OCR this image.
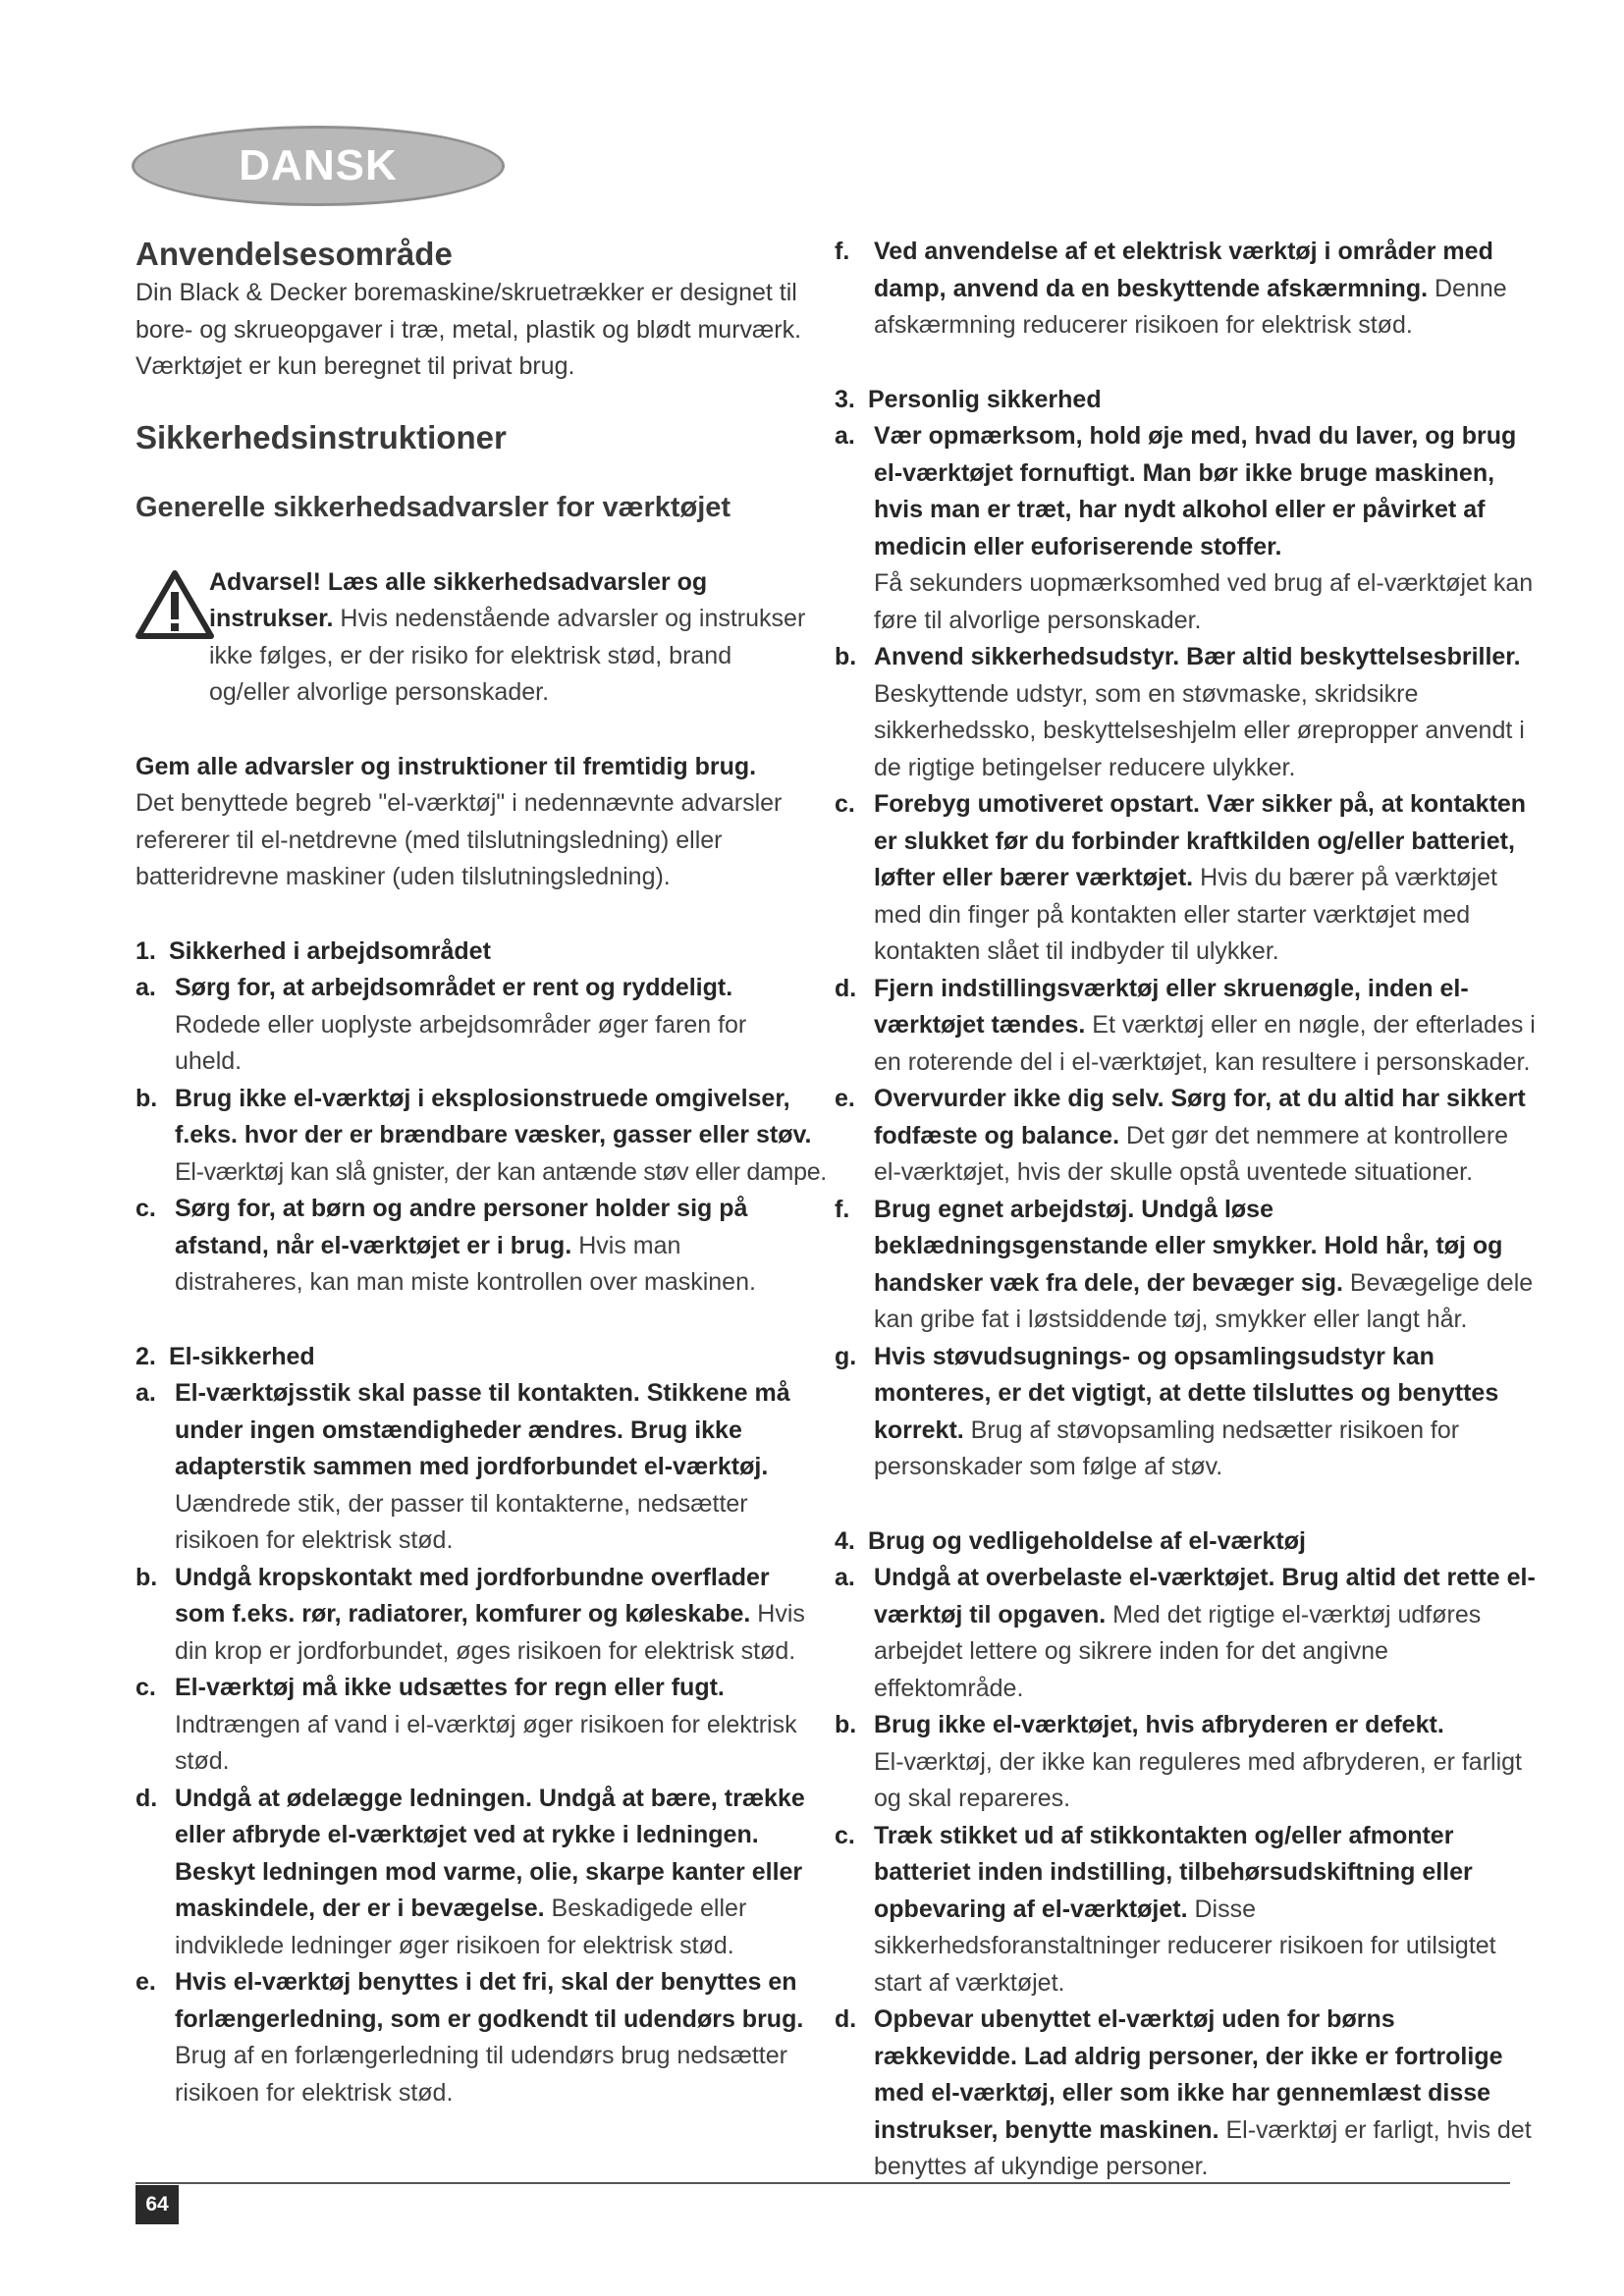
DANSK
Anvendelsesområde
Din Black & Decker boremaskine/skruetrækker er designet til bore- og skrueopgaver i træ, metal, plastik og blødt murværk. Værktøjet er kun beregnet til privat brug.
Sikkerhedsinstruktioner
Generelle sikkerhedsadvarsler for værktøjet
Advarsel! Læs alle sikkerhedsadvarsler og instrukser. Hvis nedenstående advarsler og instrukser ikke følges, er der risiko for elektrisk stød, brand og/eller alvorlige personskader.
Gem alle advarsler og instruktioner til fremtidig brug.
Det benyttede begreb "el-værktøj" i nedennævnte advarsler refererer til el-netdrevne (med tilslutningsledning) eller batteridrevne maskiner (uden tilslutningsledning).
1. Sikkerhed i arbejdsområdet
a. Sørg for, at arbejdsområdet er rent og ryddeligt.
Rodede eller uoplyste arbejdsområder øger faren for uheld.
b. Brug ikke el-værktøj i eksplosionstruede omgivelser, f.eks. hvor der er brændbare væsker, gasser eller støv.
El-værktøj kan slå gnister, der kan antænde støv eller dampe.
c. Sørg for, at børn og andre personer holder sig på afstand, når el-værktøjet er i brug. Hvis man distraheres, kan man miste kontrollen over maskinen.
2. El-sikkerhed
a. El-værktøjsstik skal passe til kontakten. Stikkene må under ingen omstændigheder ændres. Brug ikke adapterstik sammen med jordforbundet el-værktøj.
Uændrede stik, der passer til kontakterne, nedsætter risikoen for elektrisk stød.
b. Undgå kropskontakt med jordforbundne overflader som f.eks. rør, radiatorer, komfurer og køleskabe. Hvis din krop er jordforbundet, øges risikoen for elektrisk stød.
c. El-værktøj må ikke udsættes for regn eller fugt.
Indtrængen af vand i el-værktøj øger risikoen for elektrisk stød.
d. Undgå at ødelægge ledningen. Undgå at bære, trække eller afbryde el-værktøjet ved at rykke i ledningen. Beskyt ledningen mod varme, olie, skarpe kanter eller maskindele, der er i bevægelse. Beskadigede eller indviklede ledninger øger risikoen for elektrisk stød.
e. Hvis el-værktøj benyttes i det fri, skal der benyttes en forlængerledning, som er godkendt til udendørs brug.
Brug af en forlængerledning til udendørs brug nedsætter risikoen for elektrisk stød.
f. Ved anvendelse af et elektrisk værktøj i områder med damp, anvend da en beskyttende afskærmning. Denne afskærmning reducerer risikoen for elektrisk stød.
3. Personlig sikkerhed
a. Vær opmærksom, hold øje med, hvad du laver, og brug el-værktøjet fornuftigt. Man bør ikke bruge maskinen, hvis man er træt, har nydt alkohol eller er påvirket af medicin eller euforiserende stoffer.
Få sekunders uopmærksomhed ved brug af el-værktøjet kan føre til alvorlige personskader.
b. Anvend sikkerhedsudstyr. Bær altid beskyttelsesbriller.
Beskyttende udstyr, som en støvmaske, skridsikre sikkerhedssko, beskyttelseshjelm eller ørepropper anvendt i de rigtige betingelser reducere ulykker.
c. Forebyg umotiveret opstart. Vær sikker på, at kontakten er slukket før du forbinder kraftkilden og/eller batteriet, løfter eller bærer værktøjet. Hvis du bærer på værktøjet med din finger på kontakten eller starter værktøjet med kontakten slået til indbyder til ulykker.
d. Fjern indstillingsværktøj eller skruenøgle, inden el-værktøjet tændes. Et værktøj eller en nøgle, der efterlades i en roterende del i el-værktøjet, kan resultere i personskader.
e. Overvurder ikke dig selv. Sørg for, at du altid har sikkert fodfæste og balance. Det gør det nemmere at kontrollere el-værktøjet, hvis der skulle opstå uventede situationer.
f. Brug egnet arbejdstøj. Undgå løse beklædningsgenstande eller smykker. Hold hår, tøj og handsker væk fra dele, der bevæger sig. Bevægelige dele kan gribe fat i løstsiddende tøj, smykker eller langt hår.
g. Hvis støvudsugnings- og opsamlingsudstyr kan monteres, er det vigtigt, at dette tilsluttes og benyttes korrekt. Brug af støvopsamling nedsætter risikoen for personskader som følge af støv.
4. Brug og vedligeholdelse af el-værktøj
a. Undgå at overbelaste el-værktøjet. Brug altid det rette el-værktøj til opgaven. Med det rigtige el-værktøj udføres arbejdet lettere og sikrere inden for det angivne effektområde.
b. Brug ikke el-værktøjet, hvis afbryderen er defekt.
El-værktøj, der ikke kan reguleres med afbryderen, er farligt og skal repareres.
c. Træk stikket ud af stikkontakten og/eller afmonter batteriet inden indstilling, tilbehørsudskiftning eller opbevaring af el-værktøjet. Disse sikkerhedsforanstaltninger reducerer risikoen for utilsigtet start af værktøjet.
d. Opbevar ubenyttet el-værktøj uden for børns rækkevidde. Lad aldrig personer, der ikke er fortrolige med el-værktøj, eller som ikke har gennemlæst disse instrukser, benytte maskinen. El-værktøj er farligt, hvis det benyttes af ukyndige personer.
64
